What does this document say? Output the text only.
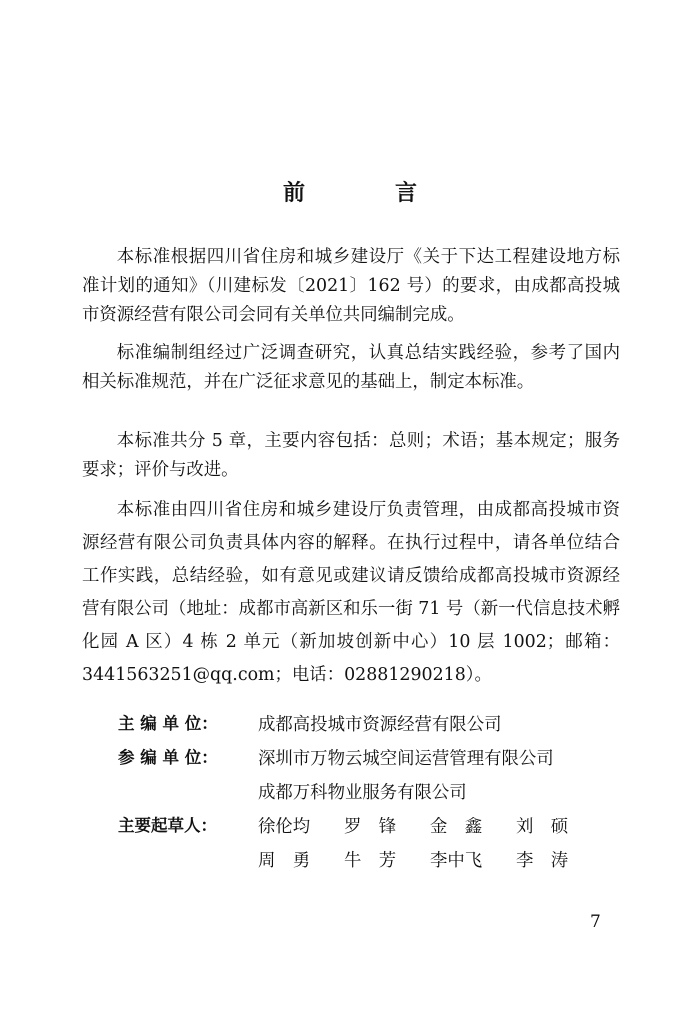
前　言
本标准根据四川省住房和城乡建设厅《关于下达工程建设地方标准计划的通知》（川建标发〔2021〕162 号）的要求，由成都高投城市资源经营有限公司会同有关单位共同编制完成。
标准编制组经过广泛调查研究，认真总结实践经验，参考了国内相关标准规范，并在广泛征求意见的基础上，制定本标准。
本标准共分 5 章，主要内容包括：总则；术语；基本规定；服务要求；评价与改进。
本标准由四川省住房和城乡建设厅负责管理，由成都高投城市资源经营有限公司负责具体内容的解释。在执行过程中，请各单位结合工作实践，总结经验，如有意见或建议请反馈给成都高投城市资源经营有限公司（地址：成都市高新区和乐一街 71 号（新一代信息技术孵化园 A 区）4 栋 2 单元（新加坡创新中心）10 层 1002；邮箱：3441563251@qq.com；电话：02881290218）。
主 编 单 位：	成都高投城市资源经营有限公司
参 编 单 位：	深圳市万物云城空间运营管理有限公司
成都万科物业服务有限公司
主要起草人：	徐伦均	罗　锋	金　鑫	刘　硕
周　勇	牛　芳	李中飞	李　涛
7
